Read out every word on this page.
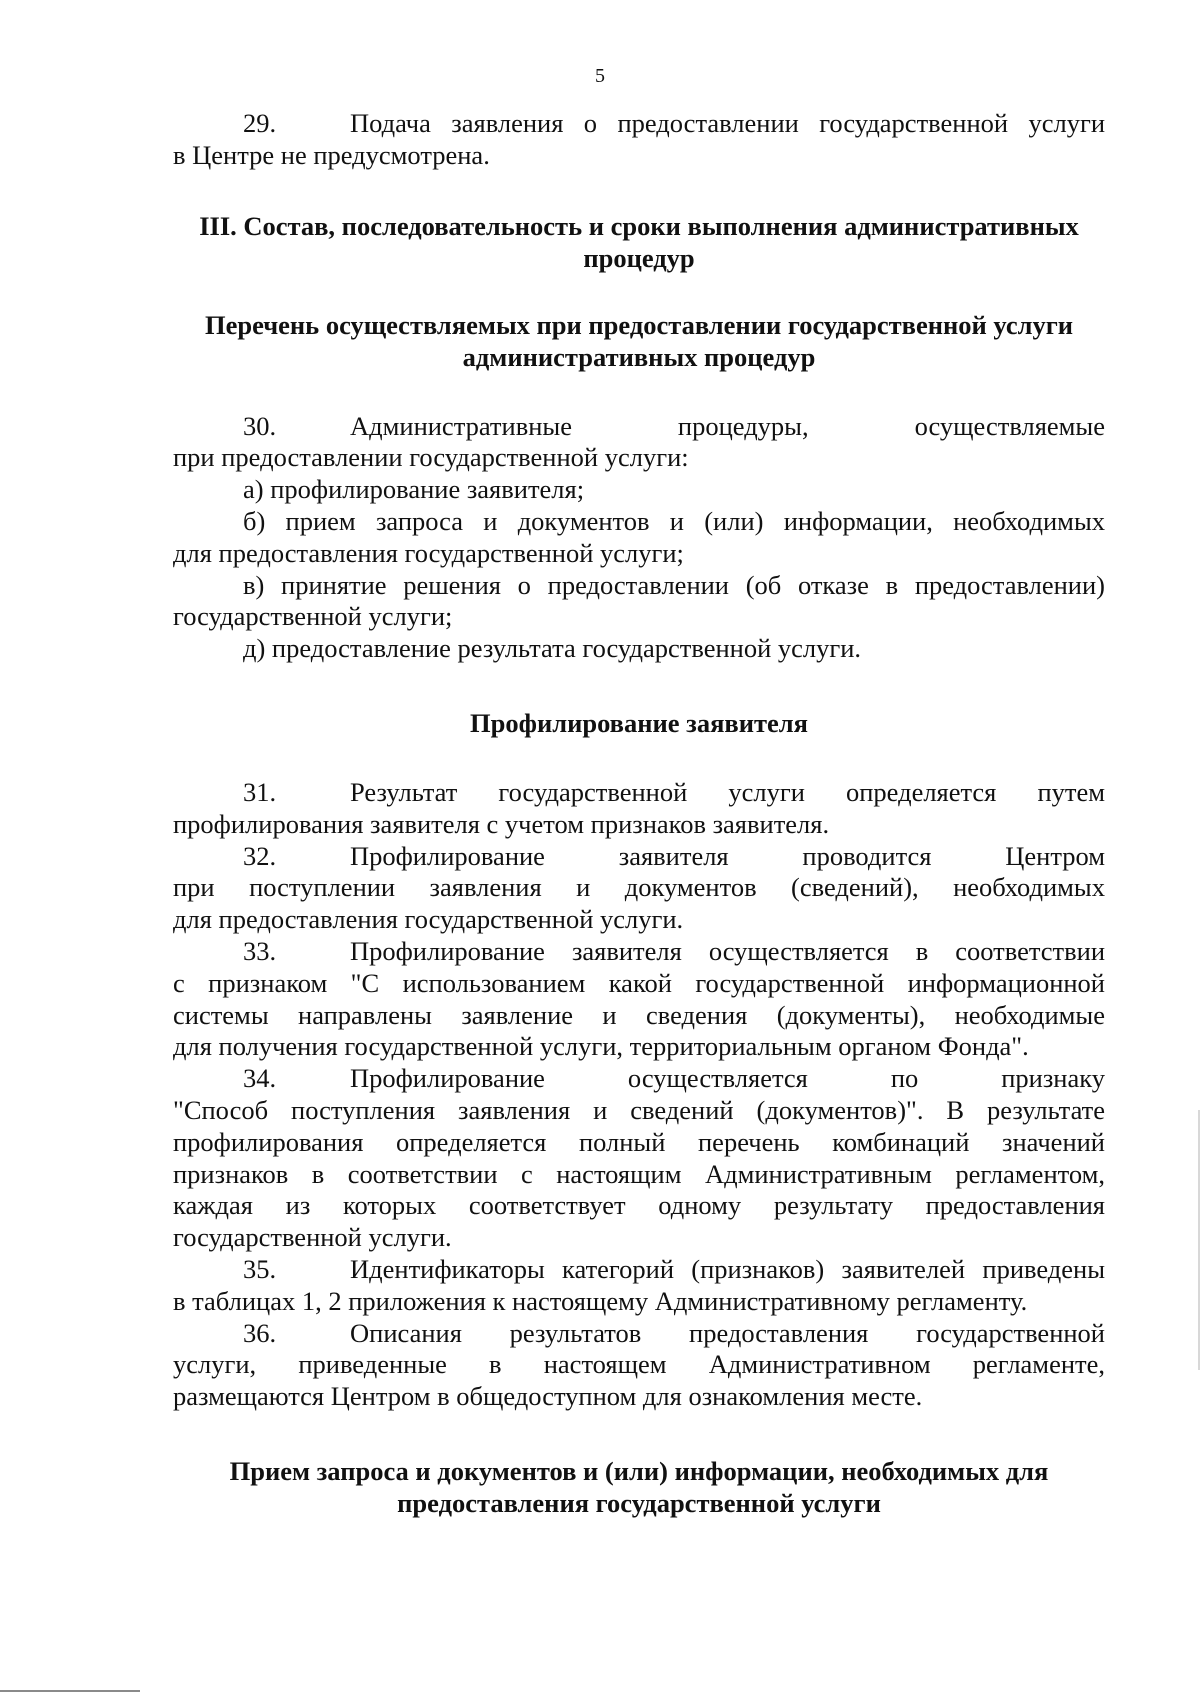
5

29.	Подача заявления о предоставлении государственной услуги

в Центре не предусмотрена.

III. Состав, последовательность и сроки выполнения административных

процедур

Перечень осуществляемых при предоставлении государственной услуги

административных процедур

30.	Административные процедуры, осуществляемые

при предоставлении государственной услуги:

а) профилирование заявителя;

б) прием запроса и документов и (или) информации, необходимых

для предоставления государственной услуги;

в) принятие решения о предоставлении (об отказе в предоставлении)

государственной услуги;

д) предоставление результата государственной услуги.

Профилирование заявителя

31.	Результат государственной услуги определяется путем

профилирования заявителя с учетом признаков заявителя.

32.	Профилирование заявителя проводится Центром

при поступлении заявления и документов (сведений), необходимых

для предоставления государственной услуги.

33.	Профилирование заявителя осуществляется в соответствии

с признаком "С использованием какой государственной информационной

системы направлены заявление и сведения (документы), необходимые

для получения государственной услуги, территориальным органом Фонда".

34.	Профилирование осуществляется по признаку

"Способ поступления заявления и сведений (документов)". В результате

профилирования определяется полный перечень комбинаций значений

признаков в соответствии с настоящим Административным регламентом,

каждая из которых соответствует одному результату предоставления

государственной услуги.

35.	Идентификаторы категорий (признаков) заявителей приведены

в таблицах 1, 2 приложения к настоящему Административному регламенту.

36.	Описания результатов предоставления государственной

услуги, приведенные в настоящем Административном регламенте,

размещаются Центром в общедоступном для ознакомления месте.

Прием запроса и документов и (или) информации, необходимых для

предоставления государственной услуги
